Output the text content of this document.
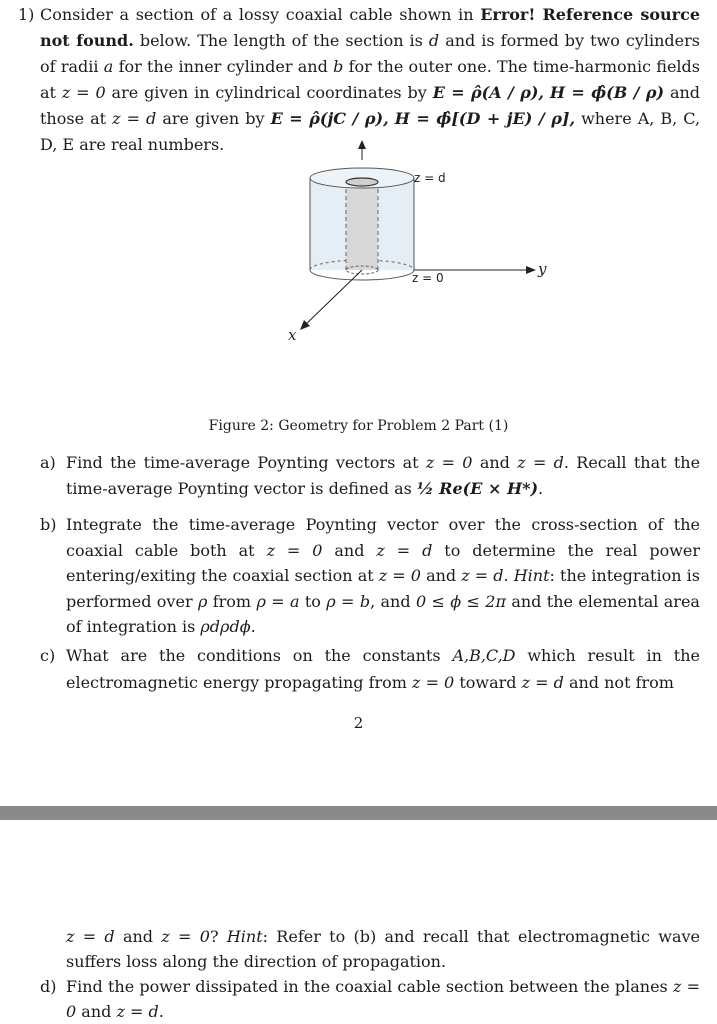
1) Consider a section of a lossy coaxial cable shown in Error! Reference source not found. below. The length of the section is d and is formed by two cylinders of radii a for the inner cylinder and b for the outer one. The time-harmonic fields at z = 0 are given in cylindrical coordinates by E = ρ̂(A / ρ), H = ϕ̂(B / ρ) and those at z = d are given by E = ρ̂(jC / ρ), H = ϕ̂[(D + jE) / ρ], where A, B, C, D, E are real numbers.
z = d
z = 0	y
x
Figure 2: Geometry for Problem 2 Part (1)
a) Find the time-average Poynting vectors at z = 0 and z = d. Recall that the time-average Poynting vector is defined as ½ Re(E × H*).
b) Integrate the time-average Poynting vector over the cross-section of the coaxial cable both at z = 0 and z = d to determine the real power entering/exiting the coaxial section at z = 0 and z = d. Hint: the integration is performed over ρ from ρ = a to ρ = b, and 0 ≤ ϕ ≤ 2π and the elemental area of integration is ρdρdϕ.
c) What are the conditions on the constants A,B,C,D which result in the electromagnetic energy propagating from z = 0 toward z = d and not from
2
z = d and z = 0? Hint: Refer to (b) and recall that electromagnetic wave suffers loss along the direction of propagation.
d) Find the power dissipated in the coaxial cable section between the planes z = 0 and z = d.
